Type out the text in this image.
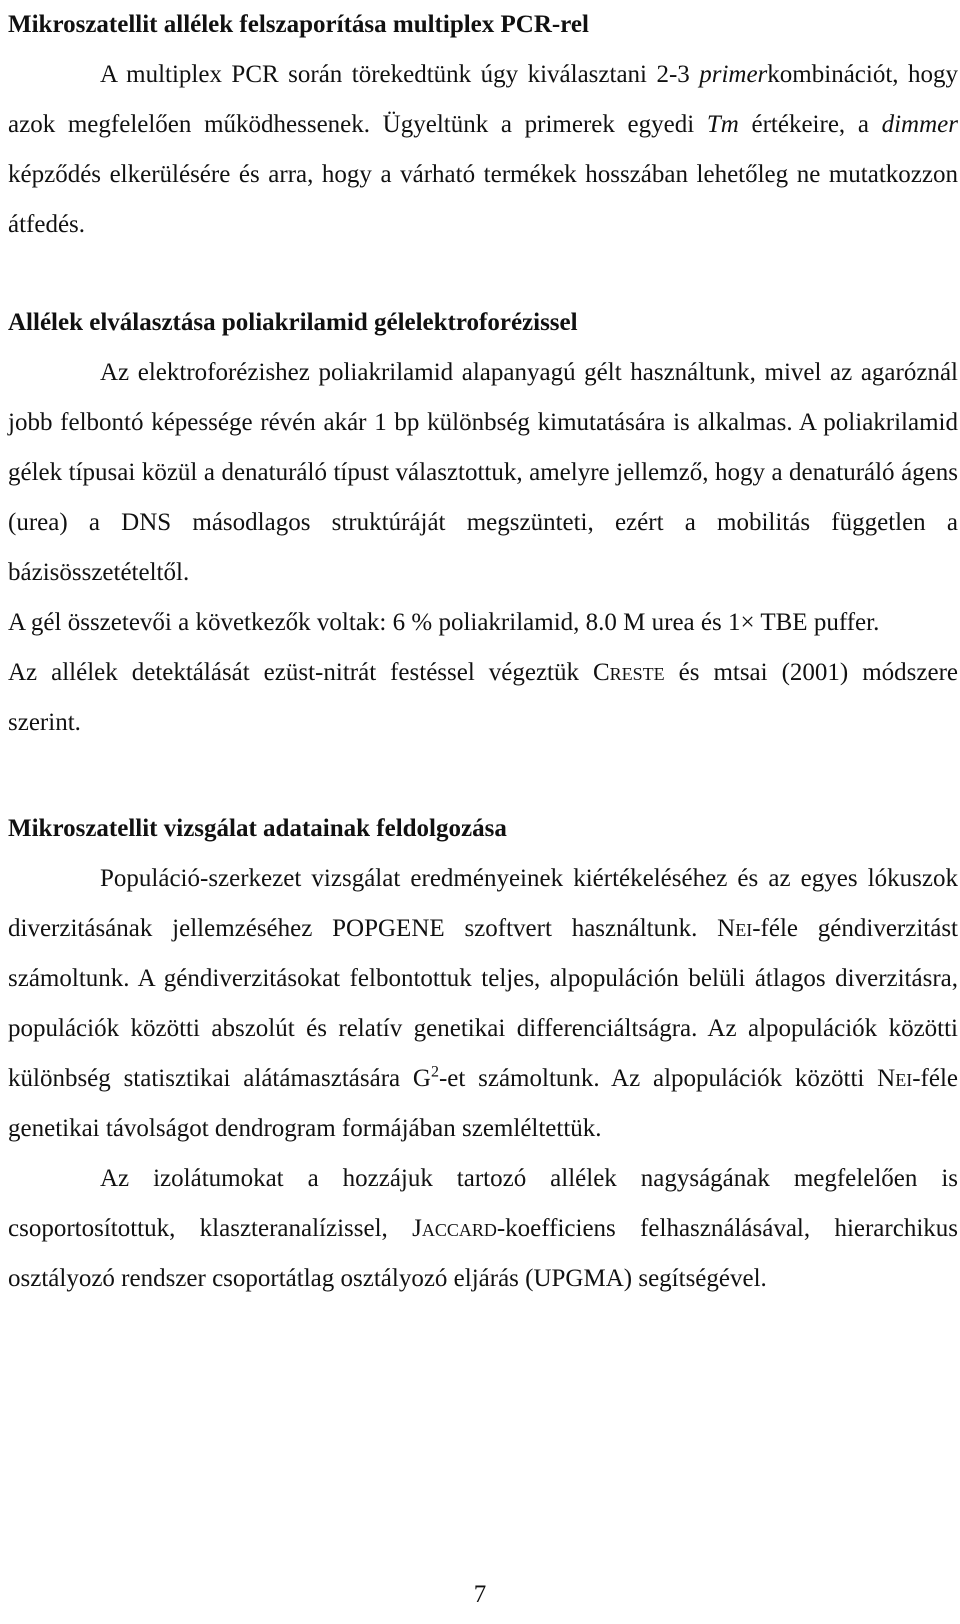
Mikroszatellit allélek felszaporítása multiplex PCR-rel

A multiplex PCR során törekedtünk úgy kiválasztani 2-3 primerkombinációt, hogy azok megfelelően működhessenek. Ügyeltünk a primerek egyedi Tm értékeire, a dimmer képződés elkerülésére és arra, hogy a várható termékek hosszában lehetőleg ne mutatkozzon átfedés.

Allélek elválasztása poliakrilamid gélelektroforézissel

Az elektroforézishez poliakrilamid alapanyagú gélt használtunk, mivel az agaróznál jobb felbontó képessége révén akár 1 bp különbség kimutatására is alkalmas. A poliakrilamid gélek típusai közül a denaturáló típust választottuk, amelyre jellemző, hogy a denaturáló ágens (urea) a DNS másodlagos struktúráját megszünteti, ezért a mobilitás független a bázisösszetételtől.

A gél összetevői a következők voltak: 6 % poliakrilamid, 8.0 M urea és 1× TBE puffer.

Az allélek detektálását ezüst-nitrát festéssel végeztük Creste és mtsai (2001) módszere szerint.

Mikroszatellit vizsgálat adatainak feldolgozása

Populáció-szerkezet vizsgálat eredményeinek kiértékeléséhez és az egyes lókuszok diverzitásának jellemzéséhez POPGENE szoftvert használtunk. Nei-féle géndiverzitást számoltunk. A géndiverzitásokat felbontottuk teljes, alpopuláción belüli átlagos diverzitásra, populációk közötti abszolút és relatív genetikai differenciáltságra. Az alpopulációk közötti különbség statisztikai alátámasztására $G^2-et$ számoltunk. Az alpopulációk közötti Nei-féle genetikai távolságot dendrogram formájában szemléltettük.

Az izolátumokat a hozzájuk tartozó allélek nagyságának megfelelően is csoportosítottuk, klaszteranalízissel, Jaccard-koefficiens felhasználásával, hierarchikus osztályozó rendszer csoportátlag osztályozó eljárás (UPGMA) segítségével.

7
